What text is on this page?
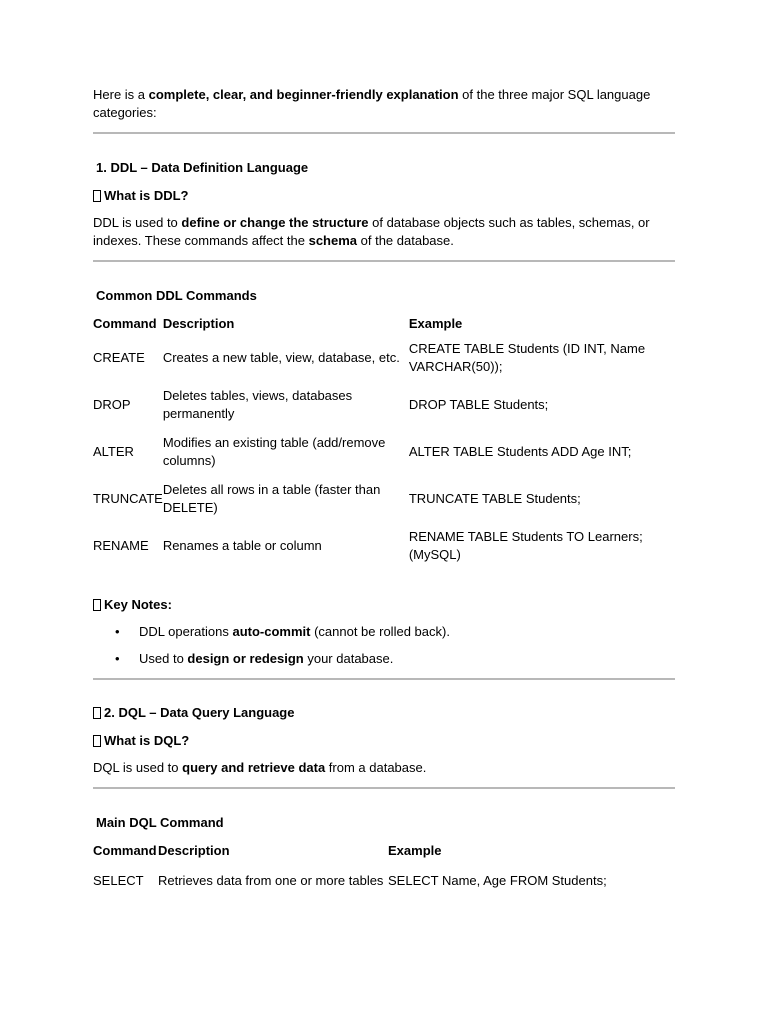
Here is a complete, clear, and beginner-friendly explanation of the three major SQL language categories:

1. DDL – Data Definition Language

What is DDL?

DDL is used to define or change the structure of database objects such as tables, schemas, or indexes. These commands affect the schema of the database.

Common DDL Commands

Command	Description	Example
CREATE	Creates a new table, view, database, etc.	CREATE TABLE Students (ID INT, Name VARCHAR(50));
DROP	Deletes tables, views, databases permanently	DROP TABLE Students;
ALTER	Modifies an existing table (add/remove columns)	ALTER TABLE Students ADD Age INT;
TRUNCATE	Deletes all rows in a table (faster than DELETE)	TRUNCATE TABLE Students;
RENAME	Renames a table or column	RENAME TABLE Students TO Learners; (MySQL)

Key Notes:

• DDL operations auto-commit (cannot be rolled back).
• Used to design or redesign your database.

2. DQL – Data Query Language

What is DQL?

DQL is used to query and retrieve data from a database.

Main DQL Command

Command	Description	Example
SELECT	Retrieves data from one or more tables	SELECT Name, Age FROM Students;
